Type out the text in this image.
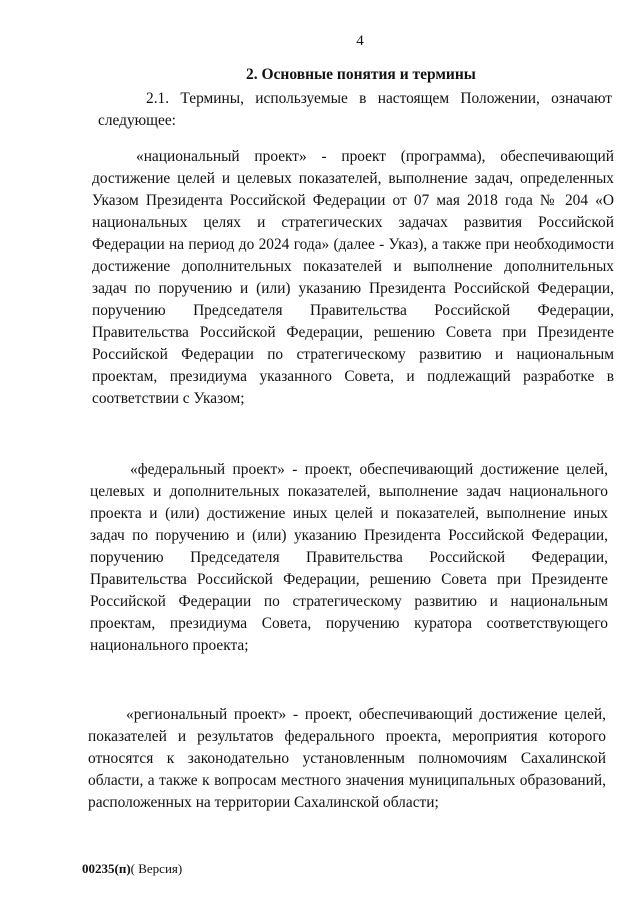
4
2. Основные понятия и термины

2.1. Термины, используемые в настоящем Положении, означают следующее:

«национальный проект» - проект (программа), обеспечивающий достижение целей и целевых показателей, выполнение задач, определенных Указом Президента Российской Федерации от 07 мая 2018 года № 204 «О национальных целях и стратегических задачах развития Российской Федерации на период до 2024 года» (далее - Указ), а также при необходимости достижение дополнительных показателей и выполнение дополнительных задач по поручению и (или) указанию Президента Российской Федерации, поручению Председателя Правительства Российской Федерации, Правительства Российской Федерации, решению Совета при Президенте Российской Федерации по стратегическому развитию и национальным проектам, президиума указанного Совета, и подлежащий разработке в соответствии с Указом;

«федеральный проект» - проект, обеспечивающий достижение целей, целевых и дополнительных показателей, выполнение задач национального проекта и (или) достижение иных целей и показателей, выполнение иных задач по поручению и (или) указанию Президента Российской Федерации, поручению Председателя Правительства Российской Федерации, Правительства Российской Федерации, решению Совета при Президенте Российской Федерации по стратегическому развитию и национальным проектам, президиума Совета, поручению куратора соответствующего национального проекта;

«региональный проект» - проект, обеспечивающий достижение целей, показателей и результатов федерального проекта, мероприятия которого относятся к законодательно установленным полномочиям Сахалинской области, а также к вопросам местного значения муниципальных образований, расположенных на территории Сахалинской области;

00235(п)( Версия)
